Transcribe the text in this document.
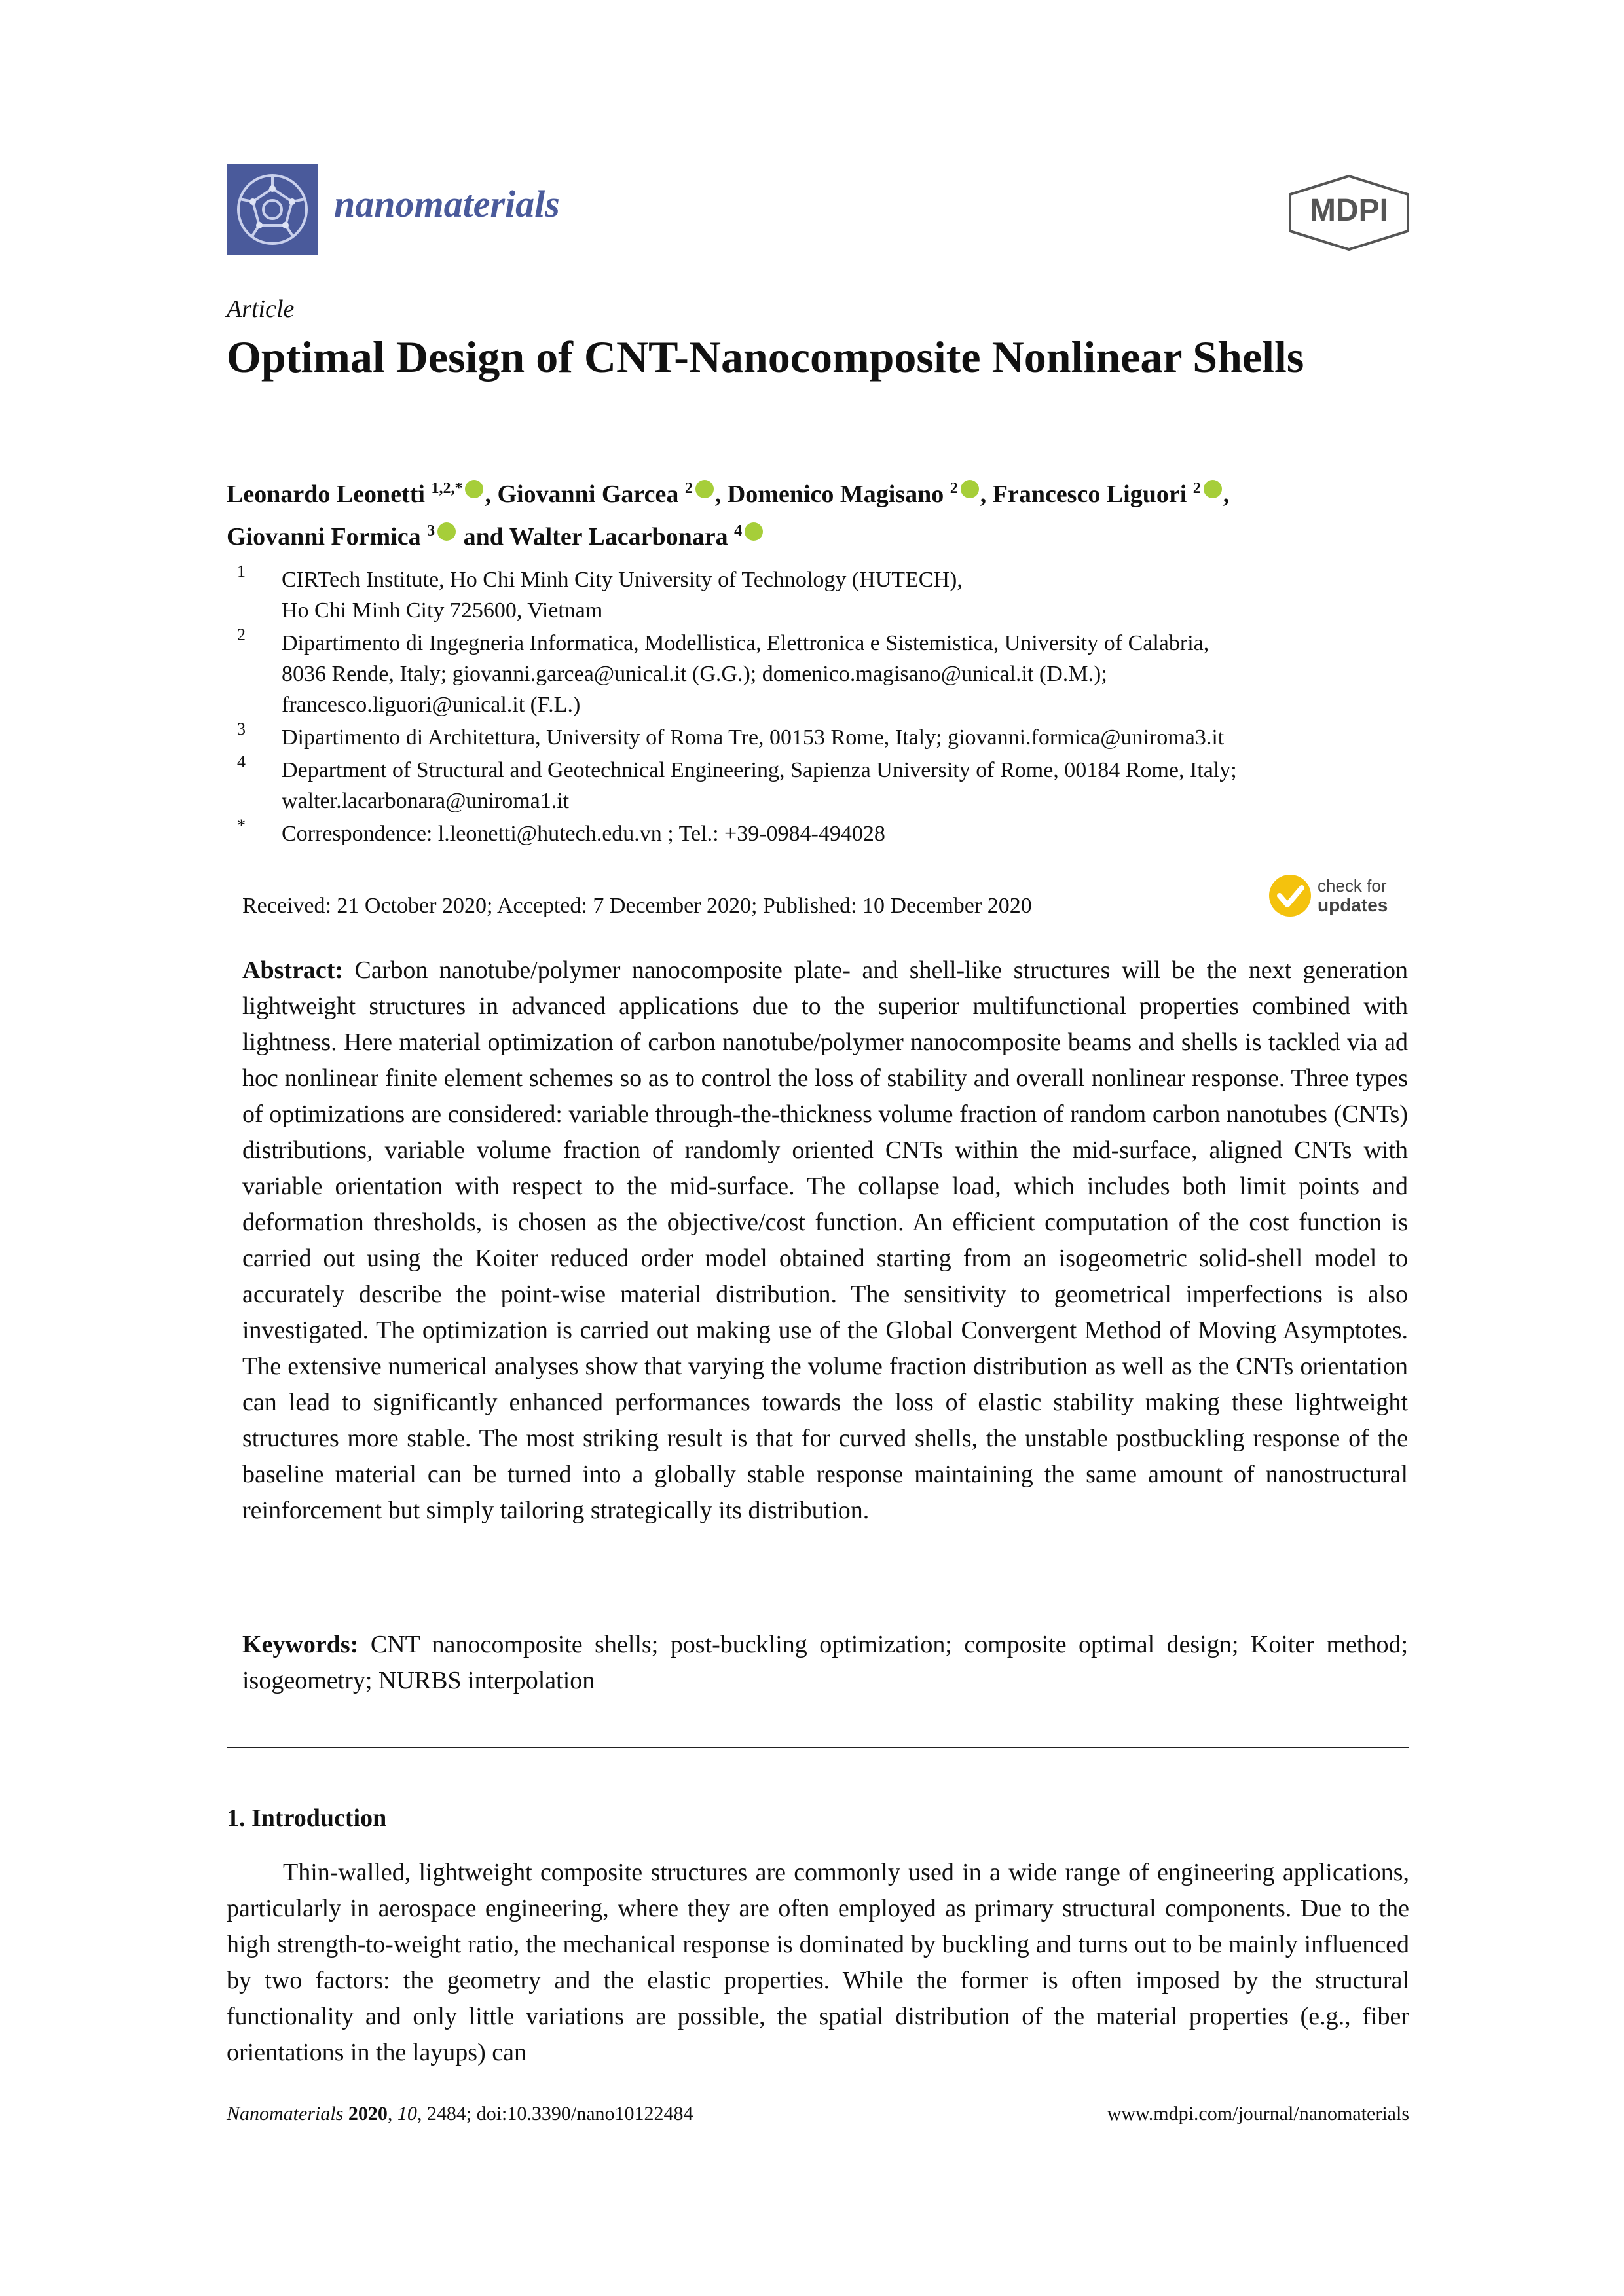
nanomaterials	MDPI
Article
Optimal Design of CNT-Nanocomposite Nonlinear Shells
Leonardo Leonetti $^{1,2,*}$ , Giovanni Garcea $^2$ , Domenico Magisano $^2$ , Francesco Liguori $^2$ ,
Giovanni Formica $^3$ and Walter Lacarbonara $^4$
1 CIRTech Institute, Ho Chi Minh City University of Technology (HUTECH),
Ho Chi Minh City 725600, Vietnam
2 Dipartimento di Ingegneria Informatica, Modellistica, Elettronica e Sistemistica, University of Calabria,
8036 Rende, Italy; giovanni.garcea@unical.it (G.G.); domenico.magisano@unical.it (D.M.);
francesco.liguori@unical.it (F.L.)
3 Dipartimento di Architettura, University of Roma Tre, 00153 Rome, Italy; giovanni.formica@uniroma3.it
4 Department of Structural and Geotechnical Engineering, Sapienza University of Rome, 00184 Rome, Italy;
walter.lacarbonara@uniroma1.it
* Correspondence: l.leonetti@hutech.edu.vn ; Tel.: +39-0984-494028
Received: 21 October 2020; Accepted: 7 December 2020; Published: 10 December 2020
check for
updates
Abstract: Carbon nanotube/polymer nanocomposite plate- and shell-like structures will be the next generation lightweight structures in advanced applications due to the superior multifunctional properties combined with lightness. Here material optimization of carbon nanotube/polymer nanocomposite beams and shells is tackled via ad hoc nonlinear finite element schemes so as to control the loss of stability and overall nonlinear response. Three types of optimizations are considered: variable through-the-thickness volume fraction of random carbon nanotubes (CNTs) distributions, variable volume fraction of randomly oriented CNTs within the mid-surface, aligned CNTs with variable orientation with respect to the mid-surface. The collapse load, which includes both limit points and deformation thresholds, is chosen as the objective/cost function. An efficient computation of the cost function is carried out using the Koiter reduced order model obtained starting from an isogeometric solid-shell model to accurately describe the point-wise material distribution. The sensitivity to geometrical imperfections is also investigated. The optimization is carried out making use of the Global Convergent Method of Moving Asymptotes. The extensive numerical analyses show that varying the volume fraction distribution as well as the CNTs orientation can lead to significantly enhanced performances towards the loss of elastic stability making these lightweight structures more stable. The most striking result is that for curved shells, the unstable postbuckling response of the baseline material can be turned into a globally stable response maintaining the same amount of nanostructural reinforcement but simply tailoring strategically its distribution.
Keywords: CNT nanocomposite shells; post-buckling optimization; composite optimal design; Koiter method; isogeometry; NURBS interpolation
1. Introduction
Thin-walled, lightweight composite structures are commonly used in a wide range of engineering applications, particularly in aerospace engineering, where they are often employed as primary structural components. Due to the high strength-to-weight ratio, the mechanical response is dominated by buckling and turns out to be mainly influenced by two factors: the geometry and the elastic properties. While the former is often imposed by the structural functionality and only little variations are possible, the spatial distribution of the material properties (e.g., fiber orientations in the layups) can
Nanomaterials 2020, 10, 2484; doi:10.3390/nano10122484	www.mdpi.com/journal/nanomaterials
